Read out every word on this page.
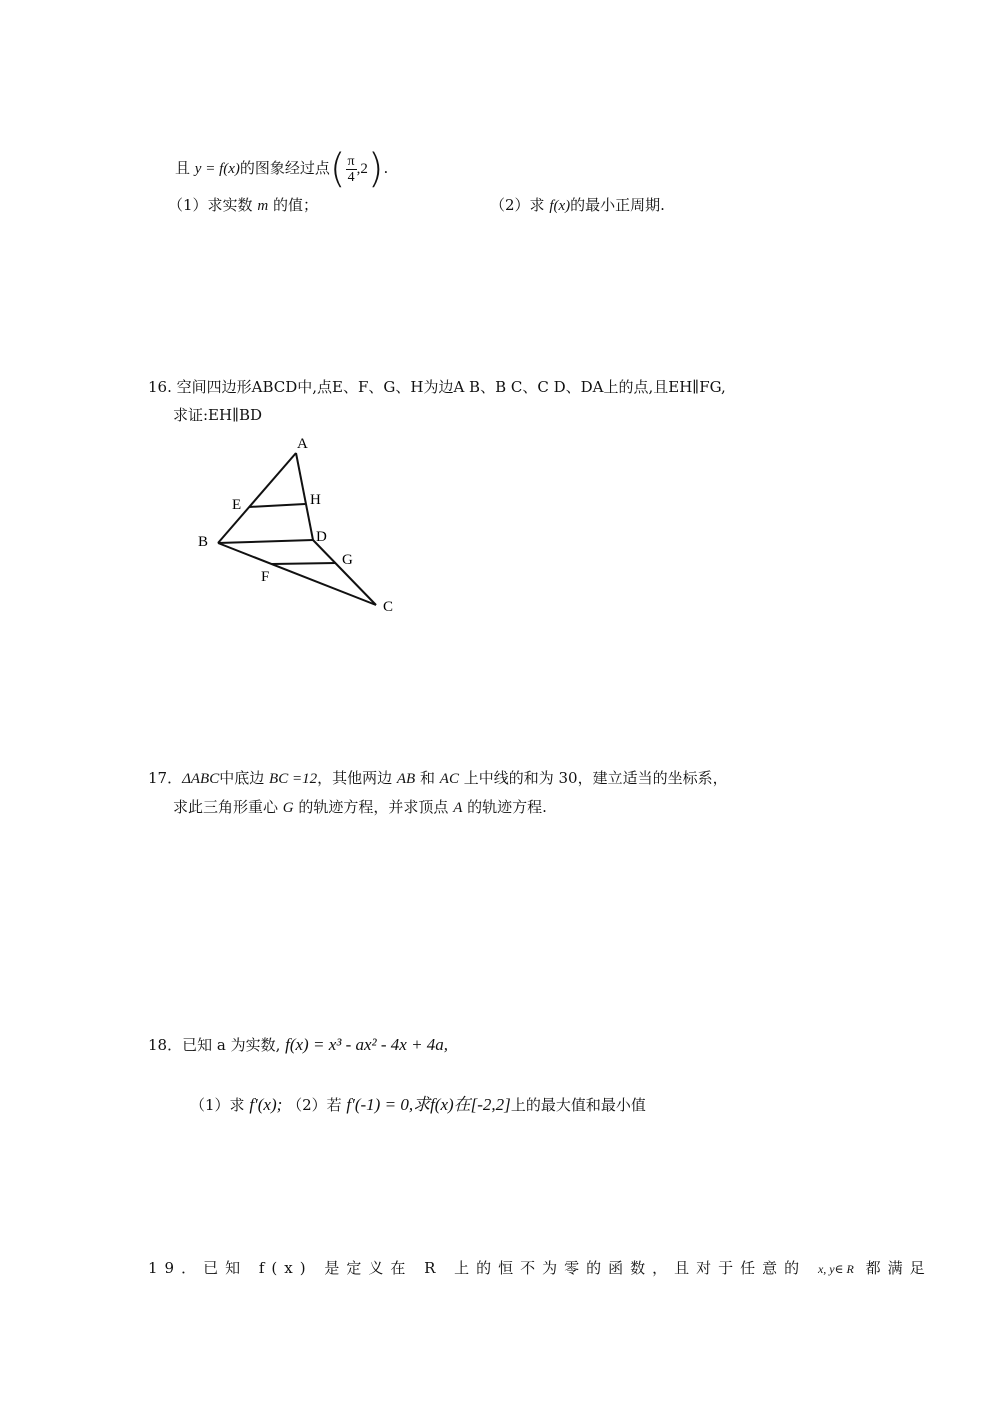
且 y = f(x)的图象经过点( $\frac{\pi}{4} ,2$).
（1）求实数 m 的值；	（2）求 f(x)的最小正周期.
16. 空间四边形ABCD中,点E、F、G、H为边A B、B C、C D、DA上的点,且EH∥FG,
求证:EH∥BD
A
E	H
B	D
G
F
C
17．ΔABC中底边 BC =12，其他两边 AB 和 AC 上中线的和为 30，建立适当的坐标系，
求此三角形重心 G 的轨迹方程，并求顶点 A 的轨迹方程.
18．已知 a 为实数, f(x) = x³ - ax² - 4x + 4a,
（1）求 f′(x); （2）若 f′(-1) = 0,求f(x)在[-2,2]上的最大值和最小值
19．已知 f(x) 是定义在 R 上的恒不为零的函数，且对于任意的 x, y∈ R 都满足
